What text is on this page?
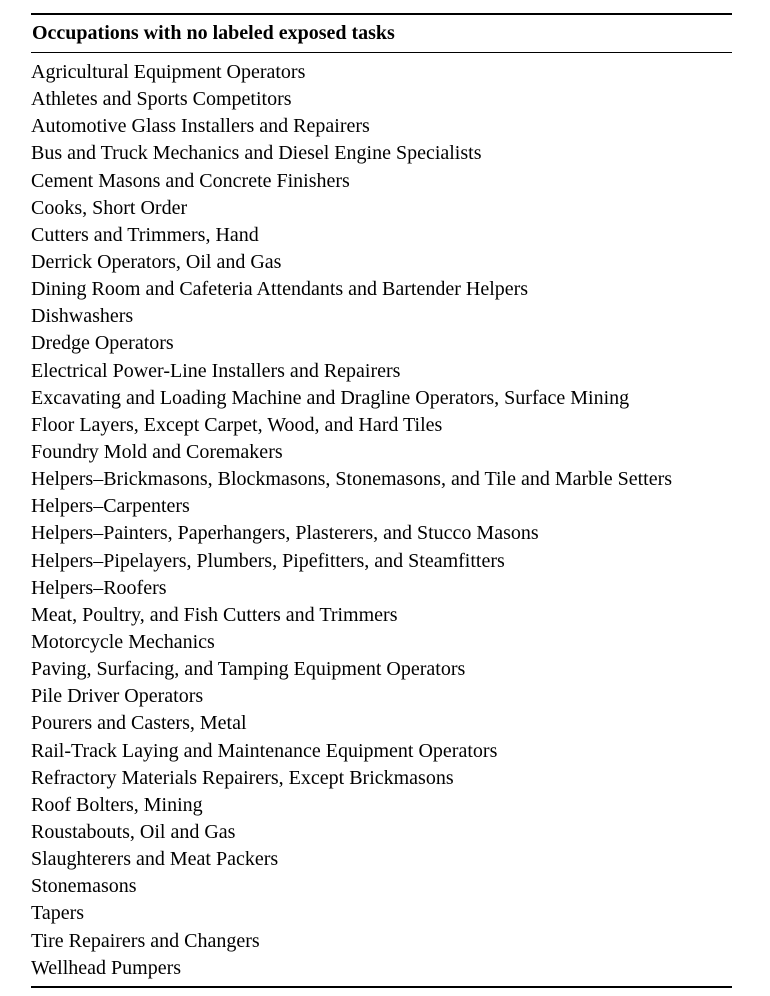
Occupations with no labeled exposed tasks
Agricultural Equipment Operators
Athletes and Sports Competitors
Automotive Glass Installers and Repairers
Bus and Truck Mechanics and Diesel Engine Specialists
Cement Masons and Concrete Finishers
Cooks, Short Order
Cutters and Trimmers, Hand
Derrick Operators, Oil and Gas
Dining Room and Cafeteria Attendants and Bartender Helpers
Dishwashers
Dredge Operators
Electrical Power-Line Installers and Repairers
Excavating and Loading Machine and Dragline Operators, Surface Mining
Floor Layers, Except Carpet, Wood, and Hard Tiles
Foundry Mold and Coremakers
Helpers–Brickmasons, Blockmasons, Stonemasons, and Tile and Marble Setters
Helpers–Carpenters
Helpers–Painters, Paperhangers, Plasterers, and Stucco Masons
Helpers–Pipelayers, Plumbers, Pipefitters, and Steamfitters
Helpers–Roofers
Meat, Poultry, and Fish Cutters and Trimmers
Motorcycle Mechanics
Paving, Surfacing, and Tamping Equipment Operators
Pile Driver Operators
Pourers and Casters, Metal
Rail-Track Laying and Maintenance Equipment Operators
Refractory Materials Repairers, Except Brickmasons
Roof Bolters, Mining
Roustabouts, Oil and Gas
Slaughterers and Meat Packers
Stonemasons
Tapers
Tire Repairers and Changers
Wellhead Pumpers
